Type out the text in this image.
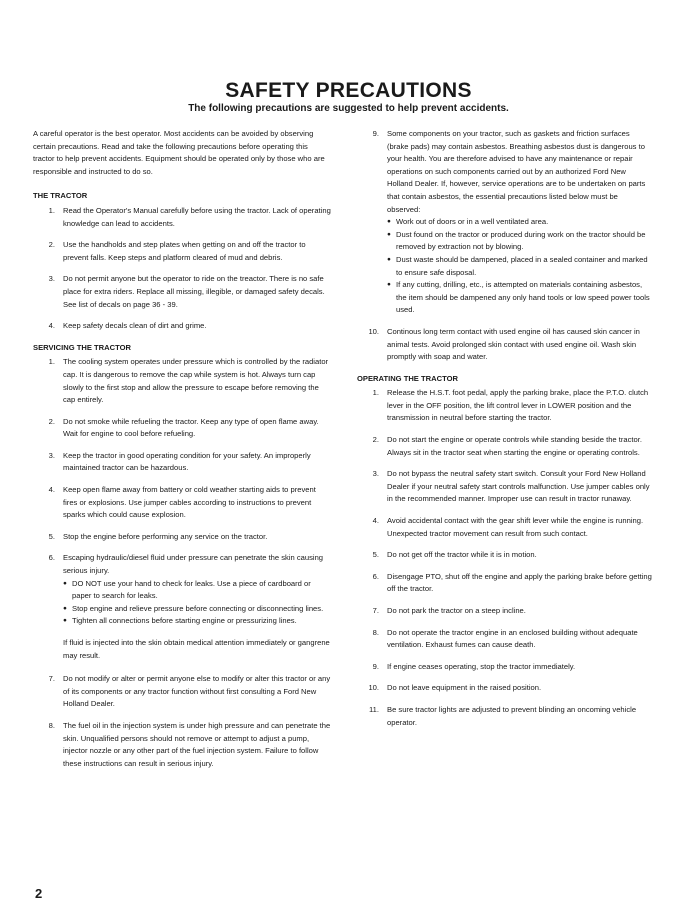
SAFETY PRECAUTIONS
The following precautions are suggested to help prevent accidents.

A careful operator is the best operator. Most accidents can be avoided by observing certain precautions. Read and take the following precautions before operating this tractor to help prevent accidents. Equipment should be operated only by those who are responsible and instructed to do so.

THE TRACTOR
1. Read the Operator's Manual carefully before using the tractor. Lack of operating knowledge can lead to accidents.
2. Use the handholds and step plates when getting on and off the tractor to prevent falls. Keep steps and platform cleared of mud and debris.
3. Do not permit anyone but the operator to ride on the treactor. There is no safe place for extra riders. Replace all missing, illegible, or damaged safety decals. See list of decals on page 36 - 39.
4. Keep safety decals clean of dirt and grime.
SERVICING THE TRACTOR
1. The cooling system operates under pressure which is controlled by the radiator cap. It is dangerous to remove the cap while system is hot. Always turn cap slowly to the first stop and allow the pressure to escape before removing the cap entirely.
2. Do not smoke while refueling the tractor. Keep any type of open flame away. Wait for engine to cool before refueling.
3. Keep the tractor in good operating condition for your safety. An improperly maintained tractor can be hazardous.
4. Keep open flame away from battery or cold weather starting aids to prevent fires or explosions. Use jumper cables according to instructions to prevent sparks which could cause explosion.
5. Stop the engine before performing any service on the tractor.
6. Escaping hydraulic/diesel fluid under pressure can penetrate the skin causing serious injury.
● DO NOT use your hand to check for leaks. Use a piece of cardboard or paper to search for leaks.
● Stop engine and relieve pressure before connecting or disconnecting lines.
● Tighten all connections before starting engine or pressurizing lines.

If fluid is injected into the skin obtain medical attention immediately or gangrene may result.

7. Do not modify or alter or permit anyone else to modify or alter this tractor or any of its components or any tractor function without first consulting a Ford New Holland Dealer.
8. The fuel oil in the injection system is under high pressure and can penetrate the skin. Unqualified persons should not remove or attempt to adjust a pump, injector nozzle or any other part of the fuel injection system. Failure to follow these instructions can result in serious injury.
9. Some components on your tractor, such as gaskets and friction surfaces (brake pads) may contain asbestos. Breathing asbestos dust is dangerous to your health. You are therefore advised to have any maintenance or repair operations on such components carried out by an authorized Ford New Holland Dealer. If, however, service operations are to be undertaken on parts that contain asbestos, the essential precautions listed below must be observed:
● Work out of doors or in a well ventilated area.
● Dust found on the tractor or produced during work on the tractor should be removed by extraction not by blowing.
● Dust waste should be dampened, placed in a sealed container and marked to ensure safe disposal.
● If any cutting, drilling, etc., is attempted on materials containing asbestos, the item should be dampened any only hand tools or low speed power tools used.
10. Continous long term contact with used engine oil has caused skin cancer in animal tests. Avoid prolonged skin contact with used engine oil. Wash skin promptly with soap and water.
OPERATING THE TRACTOR
1. Release the H.S.T. foot pedal, apply the parking brake, place the P.T.O. clutch lever in the OFF position, the lift control lever in LOWER position and the transmission in neutral before starting the tractor.
2. Do not start the engine or operate controls while standing beside the tractor. Always sit in the tractor seat when starting the engine or operating controls.
3. Do not bypass the neutral safety start switch. Consult your Ford New Holland Dealer if your neutral safety start controls malfunction. Use jumper cables only in the recommended manner. Improper use can result in tractor runaway.
4. Avoid accidental contact with the gear shift lever while the engine is running. Unexpected tractor movement can result from such contact.
5. Do not get off the tractor while it is in motion.
6. Disengage PTO, shut off the engine and apply the parking brake before getting off the tractor.
7. Do not park the tractor on a steep incline.
8. Do not operate the tractor engine in an enclosed building without adequate ventilation. Exhaust fumes can cause death.
9. If engine ceases operating, stop the tractor immediately.
10. Do not leave equipment in the raised position.
11. Be sure tractor lights are adjusted to prevent blinding an oncoming vehicle operator.
2
